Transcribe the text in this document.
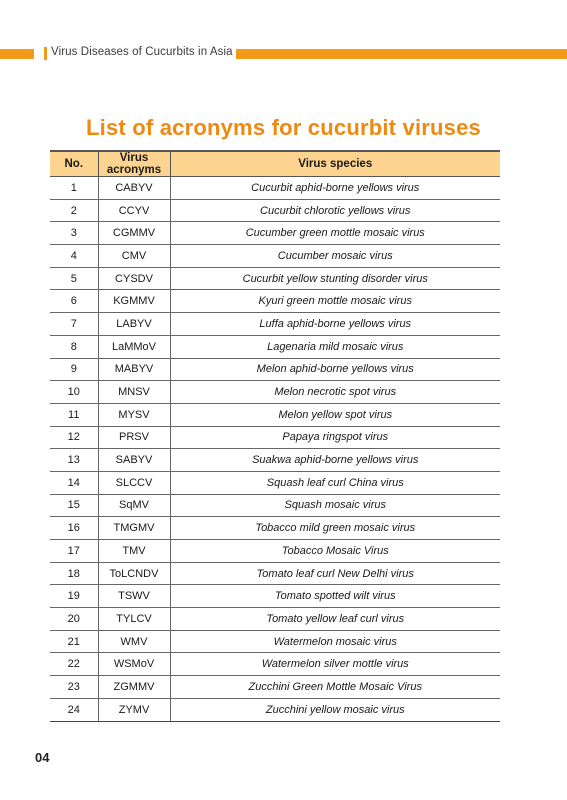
Virus Diseases of Cucurbits in Asia
List of acronyms for cucurbit viruses
No.	Virus acronyms	Virus species
1	CABYV	Cucurbit aphid-borne yellows virus
2	CCYV	Cucurbit chlorotic yellows virus
3	CGMMV	Cucumber green mottle mosaic virus
4	CMV	Cucumber mosaic virus
5	CYSDV	Cucurbit yellow stunting disorder virus
6	KGMMV	Kyuri green mottle mosaic virus
7	LABYV	Luffa aphid-borne yellows virus
8	LaMMoV	Lagenaria mild mosaic virus
9	MABYV	Melon aphid-borne yellows virus
10	MNSV	Melon necrotic spot virus
11	MYSV	Melon yellow spot virus
12	PRSV	Papaya ringspot virus
13	SABYV	Suakwa aphid-borne yellows virus
14	SLCCV	Squash leaf curl China virus
15	SqMV	Squash mosaic virus
16	TMGMV	Tobacco mild green mosaic virus
17	TMV	Tobacco Mosaic Virus
18	ToLCNDV	Tomato leaf curl New Delhi virus
19	TSWV	Tomato spotted wilt virus
20	TYLCV	Tomato yellow leaf curl virus
21	WMV	Watermelon mosaic virus
22	WSMoV	Watermelon silver mottle virus
23	ZGMMV	Zucchini Green Mottle Mosaic Virus
24	ZYMV	Zucchini yellow mosaic virus
04
